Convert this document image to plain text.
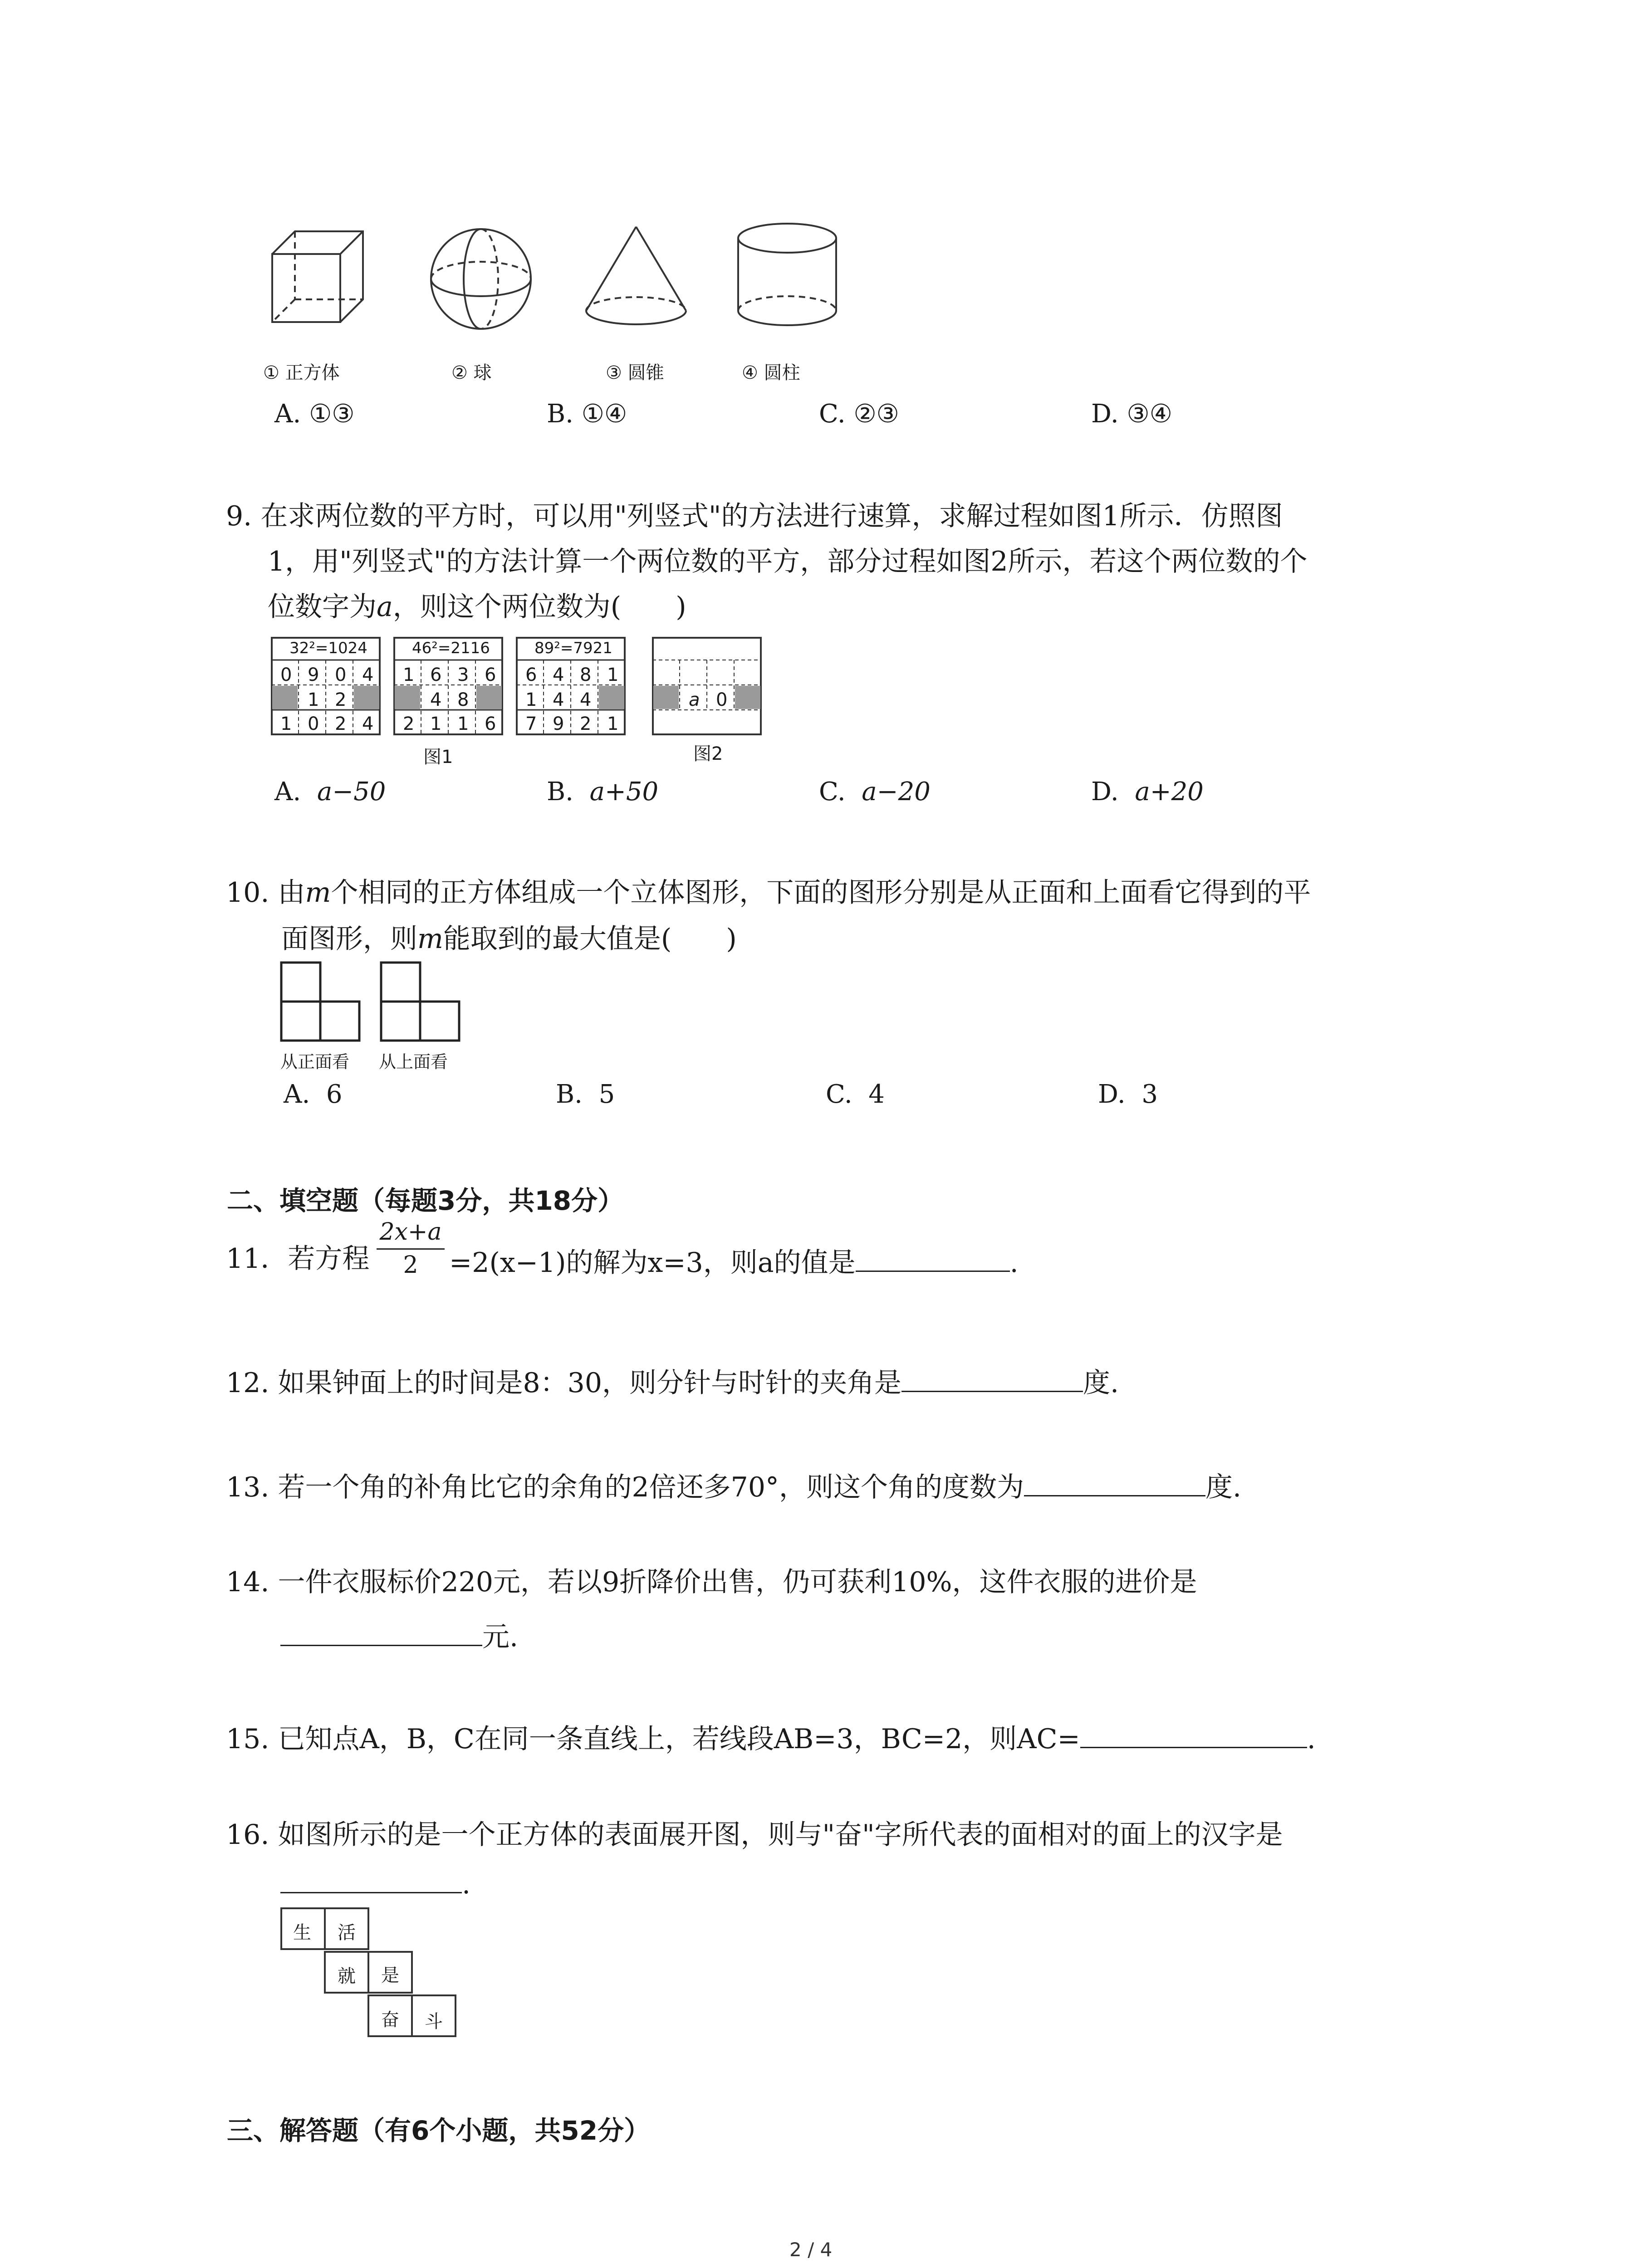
① 正方体	② 球	③ 圆锥	④ 圆柱
A. ①③	B. ①④	C. ②③	D. ③④
9. 在求两位数的平方时，可以用"列竖式"的方法进行速算，求解过程如图1所示．仿照图
1，用"列竖式"的方法计算一个两位数的平方，部分过程如图2所示，若这个两位数的个
位数字为a，则这个两位数为(　　)
32²=1024
0 9 0 4
1 2
1 0 2 4
46²=2116
1 6 3 6
4 8
2 1 1 6
89²=7921
6 4 8 1
1 4 4
7 9 2 1
图1
a 0
图2
A. a−50	B. a+50	C. a−20	D. a+20
10. 由m个相同的正方体组成一个立体图形，下面的图形分别是从正面和上面看它得到的平
面图形，则m能取到的最大值是(　　)
从正面看 从上面看
A. 6	B. 5	C. 4	D. 3
二、填空题（每题3分，共18分）
11．若方程
2x+a
2	=2(x−1)的解为x=3，则a的值是	.
12. 如果钟面上的时间是8：30，则分针与时针的夹角是	度.
13. 若一个角的补角比它的余角的2倍还多70°，则这个角的度数为	度.
14. 一件衣服标价220元，若以9折降价出售，仍可获利10%，这件衣服的进价是
元.
15. 已知点A，B，C在同一条直线上，若线段AB=3，BC=2，则AC=	.
16. 如图所示的是一个正方体的表面展开图，则与"奋"字所代表的面相对的面上的汉字是
.
生 活
就 是
奋 斗
三、解答题（有6个小题，共52分）
2 / 4
